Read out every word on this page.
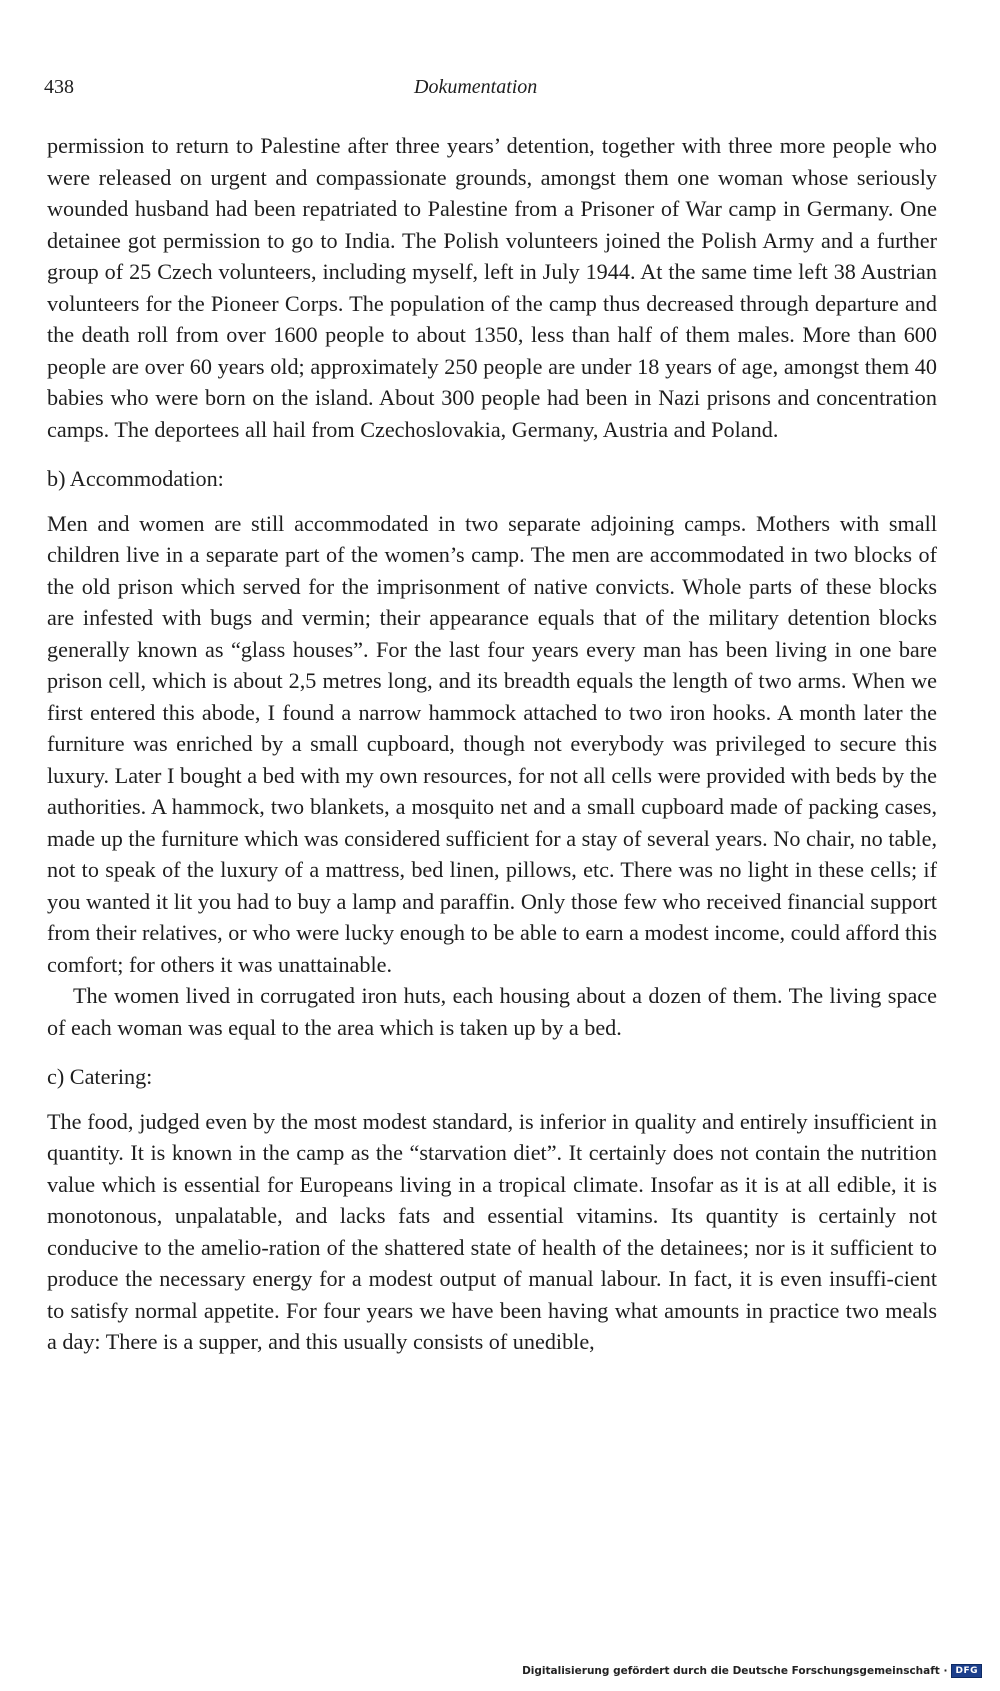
438	Dokumentation

permission to return to Palestine after three years’ detention, together with three more people who were released on urgent and compassionate grounds, amongst them one woman whose seriously wounded husband had been repatriated to Palestine from a Prisoner of War camp in Germany. One detainee got permission to go to India. The Polish volunteers joined the Polish Army and a further group of 25 Czech volunteers, including myself, left in July 1944. At the same time left 38 Austrian volunteers for the Pioneer Corps. The population of the camp thus decreased through departure and the death roll from over 1600 people to about 1350, less than half of them males. More than 600 people are over 60 years old; approximately 250 people are under 18 years of age, amongst them 40 babies who were born on the island. About 300 people had been in Nazi prisons and concentration camps. The deportees all hail from Czechoslovakia, Germany, Austria and Poland.

b) Accommodation:

Men and women are still accommodated in two separate adjoining camps. Mothers with small children live in a separate part of the women’s camp. The men are accommodated in two blocks of the old prison which served for the imprisonment of native convicts. Whole parts of these blocks are infested with bugs and vermin; their appearance equals that of the military detention blocks generally known as “glass houses”. For the last four years every man has been living in one bare prison cell, which is about 2,5 metres long, and its breadth equals the length of two arms. When we first entered this abode, I found a narrow hammock attached to two iron hooks. A month later the furniture was enriched by a small cupboard, though not everybody was privileged to secure this luxury. Later I bought a bed with my own resources, for not all cells were provided with beds by the authorities. A hammock, two blankets, a mosquito net and a small cupboard made of packing cases, made up the furniture which was considered sufficient for a stay of several years. No chair, no table, not to speak of the luxury of a mattress, bed linen, pillows, etc. There was no light in these cells; if you wanted it lit you had to buy a lamp and paraffin. Only those few who received financial support from their relatives, or who were lucky enough to be able to earn a modest income, could afford this comfort; for others it was unattainable.

The women lived in corrugated iron huts, each housing about a dozen of them. The living space of each woman was equal to the area which is taken up by a bed.

c) Catering:

The food, judged even by the most modest standard, is inferior in quality and entirely insufficient in quantity. It is known in the camp as the “starvation diet”. It certainly does not contain the nutrition value which is essential for Europeans living in a tropical climate. Insofar as it is at all edible, it is monotonous, unpalatable, and lacks fats and essential vitamins. Its quantity is certainly not conducive to the amelio-ration of the shattered state of health of the detainees; nor is it sufficient to produce the necessary energy for a modest output of manual labour. In fact, it is even insuffi-cient to satisfy normal appetite. For four years we have been having what amounts in practice two meals a day: There is a supper, and this usually consists of unedible,

Digitalisierung gefördert durch die Deutsche Forschungsgemeinschaft · DFG
